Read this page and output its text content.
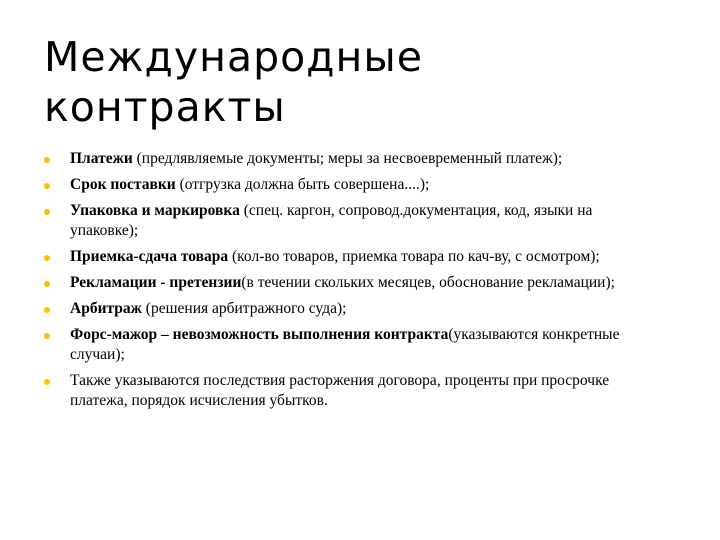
Международные
контракты
Платежи (предлявляемые документы; меры за несвоевременный платеж);
Срок поставки (отгрузка должна быть совершена....);
Упаковка и маркировка (спец. каргон, сопровод.документация, код, языки на упаковке);
Приемка-сдача товара (кол-во товаров, приемка товара по кач-ву, с осмотром);
Рекламации - претензии(в течении скольких месяцев, обоснование рекламации);
Арбитраж (решения арбитражного суда);
Форс-мажор – невозможность выполнения контракта(указываются конкретные случаи);
Также указываются последствия расторжения договора, проценты при просрочке платежа, порядок исчисления убытков.
